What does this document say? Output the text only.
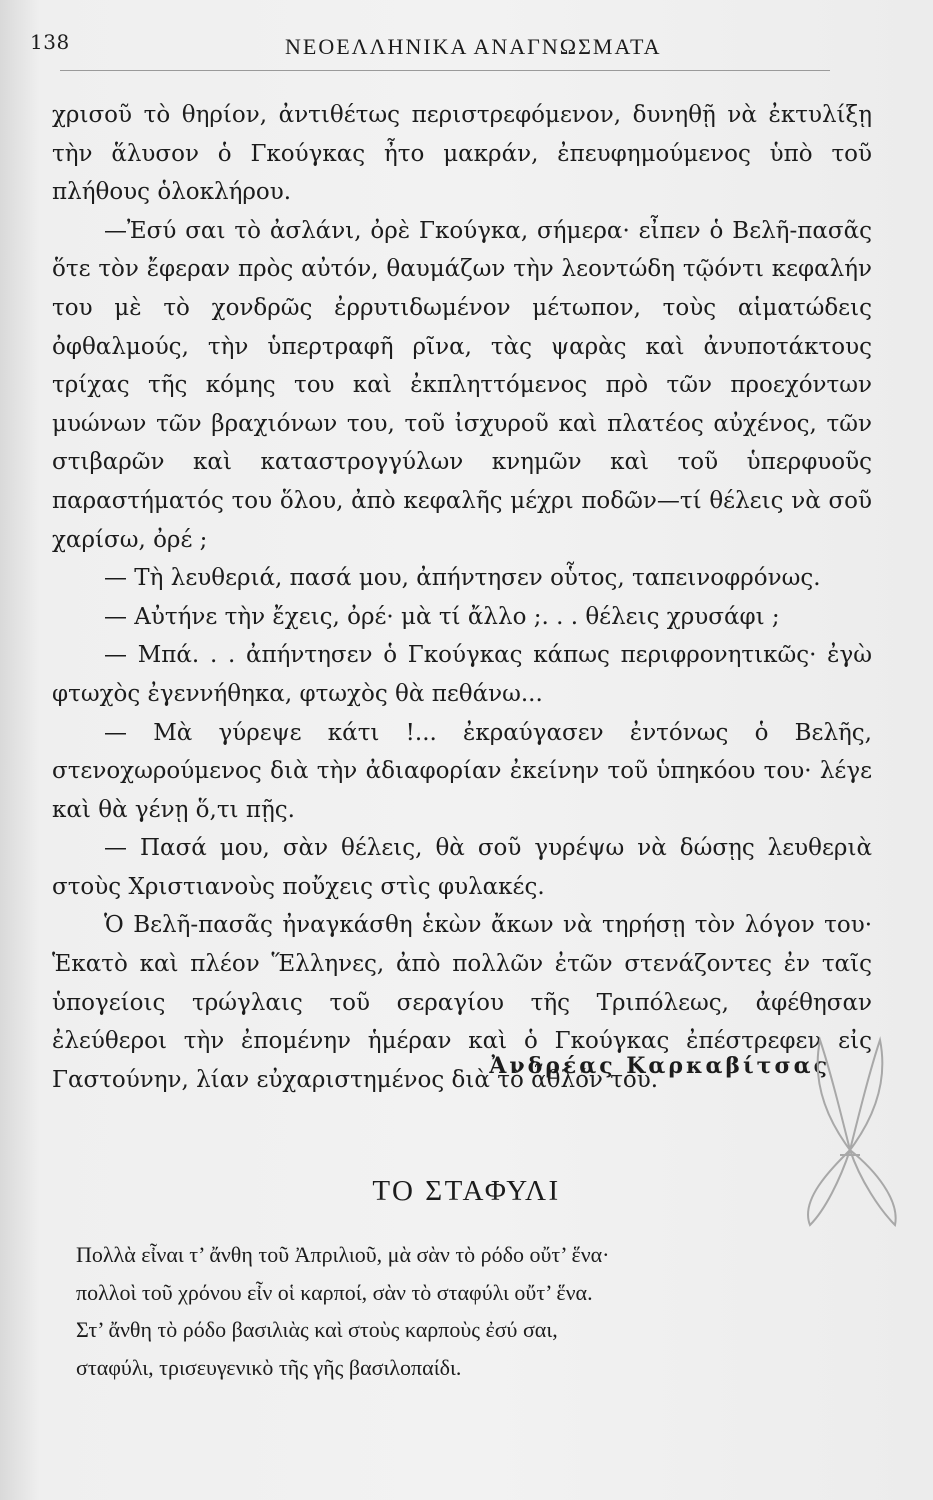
138	ΝΕΟΕΛΛΗΝΙΚΑ ΑΝΑΓΝΩΣΜΑΤΑ

χρισοῦ τὸ θηρίον, ἀντιθέτως περιστρεφόμενον, δυνηθῇ νὰ ἐκτυλίξῃ τὴν ἅλυσον ὁ Γκούγκας ἦτο μακράν, ἐπευφημούμενος ὑπὸ τοῦ πλήθους ὁλοκλήρου.

—Ἐσύ σαι τὸ ἀσλάνι, ὀρὲ Γκούγκα, σήμερα· εἶπεν ὁ Βελῆ-πασᾶς ὅτε τὸν ἔφεραν πρὸς αὐτόν, θαυμάζων τὴν λεοντώδη τῷόντι κεφαλήν του μὲ τὸ χονδρῶς ἐρρυτιδωμένον μέτωπον, τοὺς αἱματώδεις ὀφθαλμούς, τὴν ὑπερτραφῆ ρῖνα, τὰς ψαρὰς καὶ ἀνυποτάκτους τρίχας τῆς κόμης του καὶ ἐκπληττόμενος πρὸ τῶν προεχόντων μυώνων τῶν βραχιόνων του, τοῦ ἰσχυροῦ καὶ πλατέος αὐχένος, τῶν στιβαρῶν καὶ καταστρογγύλων κνημῶν καὶ τοῦ ὑπερφυοῦς παραστήματός του ὅλου, ἀπὸ κεφαλῆς μέχρι ποδῶν—τί θέλεις νὰ σοῦ χαρίσω, ὀρέ ;

— Τὴ λευθεριά, πασά μου, ἀπήντησεν οὗτος, ταπεινοφρόνως.

— Αὐτήνε τὴν ἔχεις, ὀρέ· μὰ τί ἄλλο ;. . . θέλεις χρυσάφι ;

— Μπά. . . ἀπήντησεν ὁ Γκούγκας κάπως περιφρονητικῶς· ἐγὼ φτωχὸς ἐγεννήθηκα, φτωχὸς θὰ πεθάνω...

— Μὰ γύρεψε κάτι !... ἐκραύγασεν ἐντόνως ὁ Βελῆς, στενοχωρούμενος διὰ τὴν ἀδιαφορίαν ἐκείνην τοῦ ὑπηκόου του· λέγε καὶ θὰ γένῃ ὅ,τι πῇς.

— Πασά μου, σὰν θέλεις, θὰ σοῦ γυρέψω νὰ δώσῃς λευθεριὰ στοὺς Χριστιανοὺς ποὔχεις στὶς φυλακές.

Ὁ Βελῆ-πασᾶς ἠναγκάσθη ἑκὼν ἄκων νὰ τηρήσῃ τὸν λόγον του· Ἑκατὸ καὶ πλέον Ἕλληνες, ἀπὸ πολλῶν ἐτῶν στενάζοντες ἐν ταῖς ὑπογείοις τρώγλαις τοῦ σεραγίου τῆς Τριπόλεως, ἀφέθησαν ἐλεύθεροι τὴν ἐπομένην ἡμέραν καὶ ὁ Γκούγκας ἐπέστρεφεν εἰς Γαστούνην, λίαν εὐχαριστημένος διὰ τὸ ἆθλόν του.

Ἀνδρέας Καρκαβίτσας
ΤΟ ΣΤΑΦΥΛΙ

Πολλὰ εἶναι τ’ ἄνθη τοῦ Ἀπριλιοῦ, μὰ σὰν τὸ ρόδο οὔτ’ ἕνα·

πολλοὶ τοῦ χρόνου εἶν οἱ καρποί, σὰν τὸ σταφύλι οὔτ’ ἕνα.

Στ’ ἄνθη τὸ ρόδο βασιλιὰς καὶ στοὺς καρποὺς ἐσύ σαι,

σταφύλι, τρισευγενικὸ τῆς γῆς βασιλοπαίδι.
